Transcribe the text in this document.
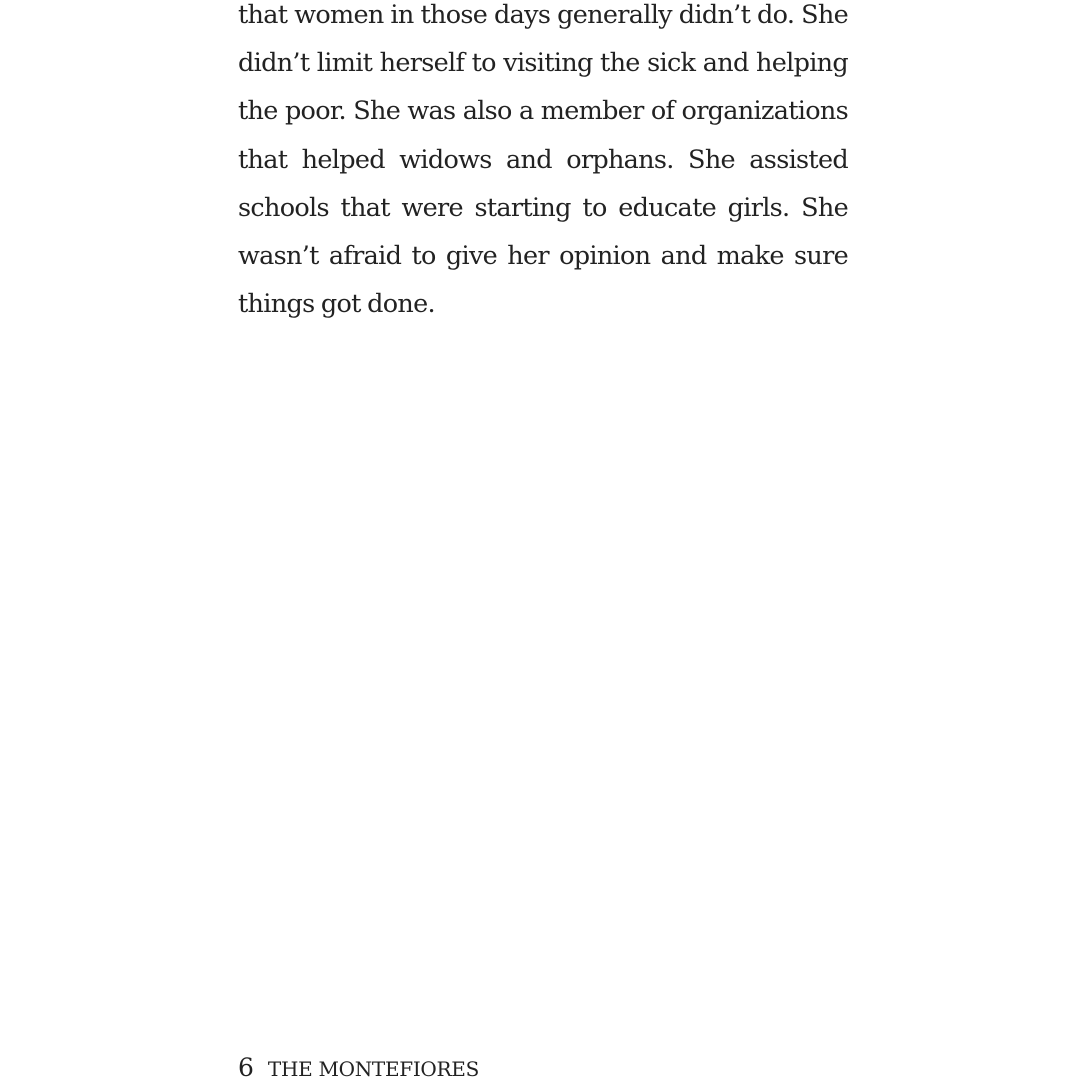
that women in those days generally didn’t do. She
didn’t limit herself to visiting the sick and helping
the poor. She was also a member of organizations
that helped widows and orphans. She assisted
schools that were starting to educate girls. She
wasn’t afraid to give her opinion and make sure
things got done.

6 THE MONTEFIORES
